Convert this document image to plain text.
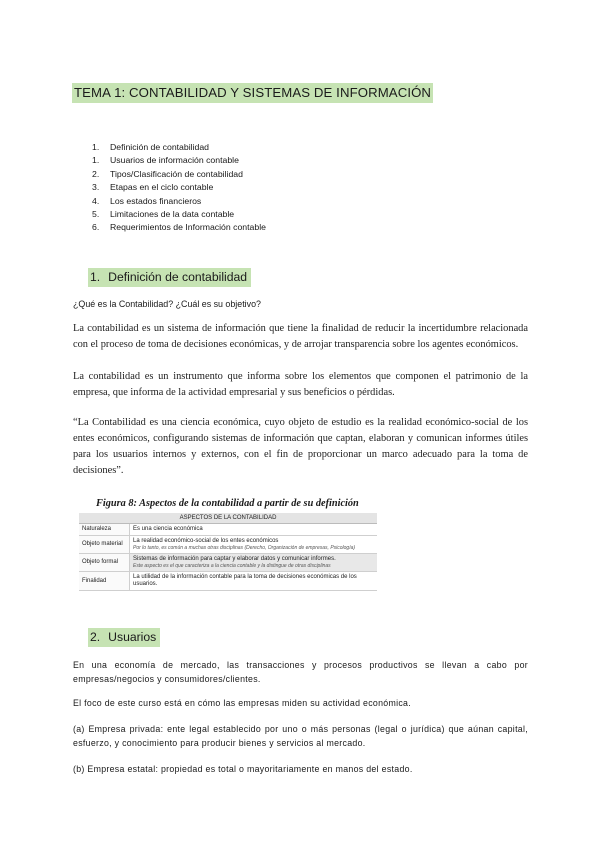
TEMA 1: CONTABILIDAD Y SISTEMAS DE INFORMACIÓN
1.	Definición de contabilidad
1.	Usuarios de información contable
2.	Tipos/Clasificación de contabilidad
3.	Etapas en el ciclo contable
4.	Los estados financieros
5.	Limitaciones de la data contable
6.	Requerimientos de Información contable
1. Definición de contabilidad
¿Qué es la Contabilidad? ¿Cuál es su objetivo?

La contabilidad es un sistema de información que tiene la finalidad de reducir la incertidumbre relacionada con el proceso de toma de decisiones económicas, y de arrojar transparencia sobre los agentes económicos.

La contabilidad es un instrumento que informa sobre los elementos que componen el patrimonio de la empresa, que informa de la actividad empresarial y sus beneficios o pérdidas.

“La Contabilidad es una ciencia económica, cuyo objeto de estudio es la realidad económico-social de los entes económicos, configurando sistemas de información que captan, elaboran y comunican informes útiles para los usuarios internos y externos, con el fin de proporcionar un marco adecuado para la toma de decisiones”.

Figura 8: Aspectos de la contabilidad a partir de su definición
ASPECTOS DE LA CONTABILIDAD	
Naturaleza	Es una ciencia económica
Objeto material	La realidad económico-social de los entes económicos
Por lo tanto, es común a muchas otras disciplinas (Derecho, Organización de empresas, Psicología)

Objeto formal	Sistemas de información para captar y elaborar datos y comunicar informes.
Este aspecto es el que caracteriza a la ciencia contable y la distingue de otras disciplinas

Finalidad	La utilidad de la información contable para la toma de decisiones económicas de los usuarios.
2. Usuarios

En una economía de mercado, las transacciones y procesos productivos se llevan a cabo por empresas/negocios y consumidores/clientes.

El foco de este curso está en cómo las empresas miden su actividad económica.

(a) Empresa privada: ente legal establecido por uno o más personas (legal o jurídica) que aúnan capital, esfuerzo, y conocimiento para producir bienes y servicios al mercado.

(b) Empresa estatal: propiedad es total o mayoritariamente en manos del estado.
